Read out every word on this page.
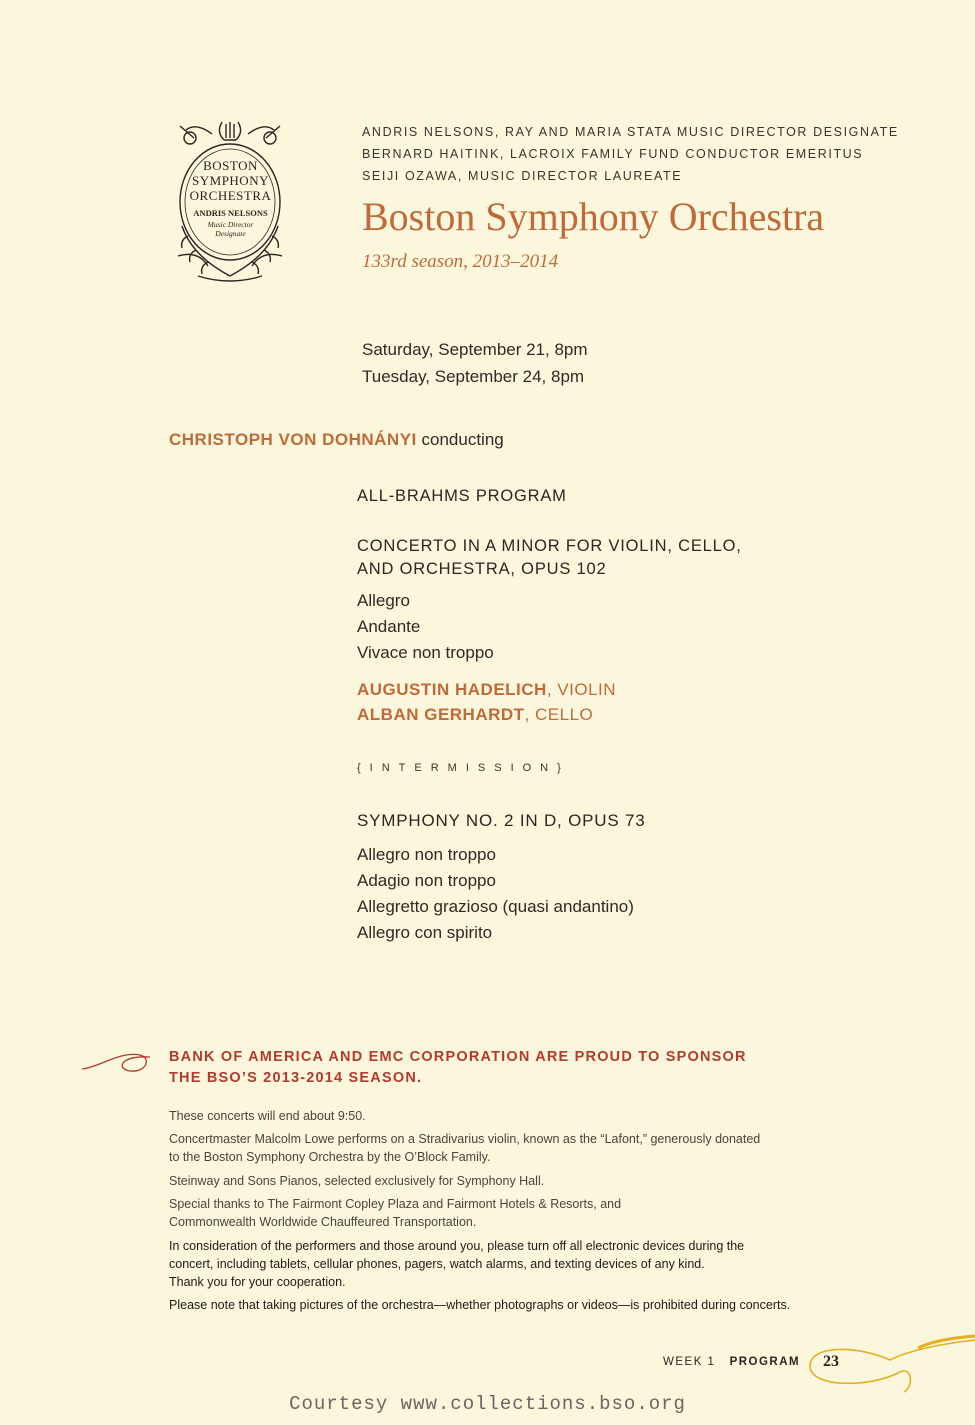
BOSTON
SYMPHONY
ORCHESTRA
ANDRIS NELSONS
Music Director
Designate
ANDRIS NELSONS, RAY AND MARIA STATA MUSIC DIRECTOR DESIGNATE
BERNARD HAITINK, LACROIX FAMILY FUND CONDUCTOR EMERITUS
SEIJI OZAWA, MUSIC DIRECTOR LAUREATE
Boston Symphony Orchestra
133rd season, 2013–2014
Saturday, September 21, 8pm
Tuesday, September 24, 8pm
CHRISTOPH VON DOHNÁNYI conducting
ALL-BRAHMS PROGRAM
CONCERTO IN A MINOR FOR VIOLIN, CELLO,
AND ORCHESTRA, OPUS 102
Allegro
Andante
Vivace non troppo
AUGUSTIN HADELICH, VIOLIN
ALBAN GERHARDT, CELLO
{INTERMISSION}
SYMPHONY NO. 2 IN D, OPUS 73
Allegro non troppo
Adagio non troppo
Allegretto grazioso (quasi andantino)
Allegro con spirito
BANK OF AMERICA AND EMC CORPORATION ARE PROUD TO SPONSOR
THE BSO’S 2013-2014 SEASON.
These concerts will end about 9:50.
Concertmaster Malcolm Lowe performs on a Stradivarius violin, known as the “Lafont,” generously donated
to the Boston Symphony Orchestra by the O’Block Family.
Steinway and Sons Pianos, selected exclusively for Symphony Hall.
Special thanks to The Fairmont Copley Plaza and Fairmont Hotels & Resorts, and
Commonwealth Worldwide Chauffeured Transportation.
In consideration of the performers and those around you, please turn off all electronic devices during the
concert, including tablets, cellular phones, pagers, watch alarms, and texting devices of any kind.
Thank you for your cooperation.
Please note that taking pictures of the orchestra—whether photographs or videos—is prohibited during concerts.
WEEK 1 PROGRAM 23
Courtesy www.collections.bso.org
